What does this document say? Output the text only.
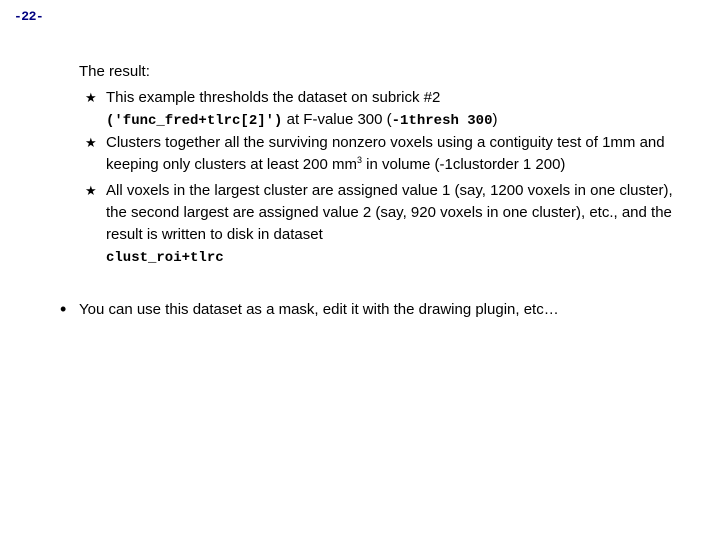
-22-

The result:

★ This example thresholds the dataset on subrick #2
('func_fred+tlrc[2]') at F-value 300 (-1thresh 300)
★ Clusters together all the surviving nonzero voxels using a contiguity test of 1mm and keeping only clusters at least 200 $mm^3$ in volume (-1clustorder 1 200)
★ All voxels in the largest cluster are assigned value 1 (say, 1200 voxels in one cluster), the second largest are assigned value 2 (say, 920 voxels in one cluster), etc., and the result is written to disk in dataset
clust_roi+tlrc
• You can use this dataset as a mask, edit it with the drawing plugin, etc…
